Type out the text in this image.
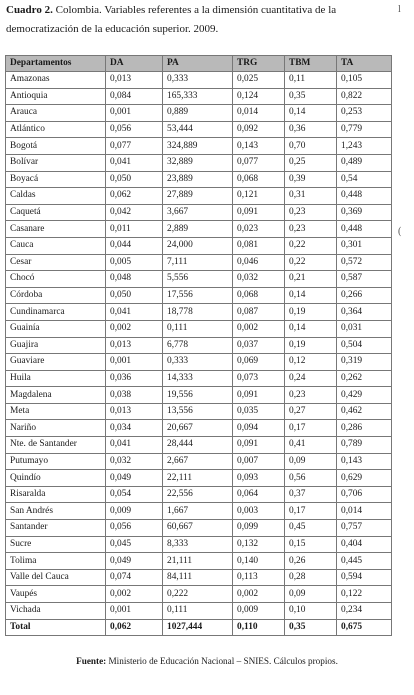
Cuadro 2. Colombia. Variables referentes a la dimensión cuantitativa de la democratización de la educación superior. 2009.
l
(
Departamentos	DA	PA	TRG	TBM	TA
Amazonas	0,013	0,333	0,025	0,11	0,105
Antioquia	0,084	165,333	0,124	0,35	0,822
Arauca	0,001	0,889	0,014	0,14	0,253
Atlántico	0,056	53,444	0,092	0,36	0,779
Bogotá	0,077	324,889	0,143	0,70	1,243
Bolívar	0,041	32,889	0,077	0,25	0,489
Boyacá	0,050	23,889	0,068	0,39	0,54
Caldas	0,062	27,889	0,121	0,31	0,448
Caquetá	0,042	3,667	0,091	0,23	0,369
Casanare	0,011	2,889	0,023	0,23	0,448
Cauca	0,044	24,000	0,081	0,22	0,301
Cesar	0,005	7,111	0,046	0,22	0,572
Chocó	0,048	5,556	0,032	0,21	0,587
Córdoba	0,050	17,556	0,068	0,14	0,266
Cundinamarca	0,041	18,778	0,087	0,19	0,364
Guainía	0,002	0,111	0,002	0,14	0,031
Guajira	0,013	6,778	0,037	0,19	0,504
Guaviare	0,001	0,333	0,069	0,12	0,319
Huila	0,036	14,333	0,073	0,24	0,262
Magdalena	0,038	19,556	0,091	0,23	0,429
Meta	0,013	13,556	0,035	0,27	0,462
Nariño	0,034	20,667	0,094	0,17	0,286
Nte. de Santander	0,041	28,444	0,091	0,41	0,789
Putumayo	0,032	2,667	0,007	0,09	0,143
Quindío	0,049	22,111	0,093	0,56	0,629
Risaralda	0,054	22,556	0,064	0,37	0,706
San Andrés	0,009	1,667	0,003	0,17	0,014
Santander	0,056	60,667	0,099	0,45	0,757
Sucre	0,045	8,333	0,132	0,15	0,404
Tolima	0,049	21,111	0,140	0,26	0,445
Valle del Cauca	0,074	84,111	0,113	0,28	0,594
Vaupés	0,002	0,222	0,002	0,09	0,122
Vichada	0,001	0,111	0,009	0,10	0,234
Total	0,062	1027,444	0,110	0,35	0,675
Fuente: Ministerio de Educación Nacional – SNIES. Cálculos propios.
